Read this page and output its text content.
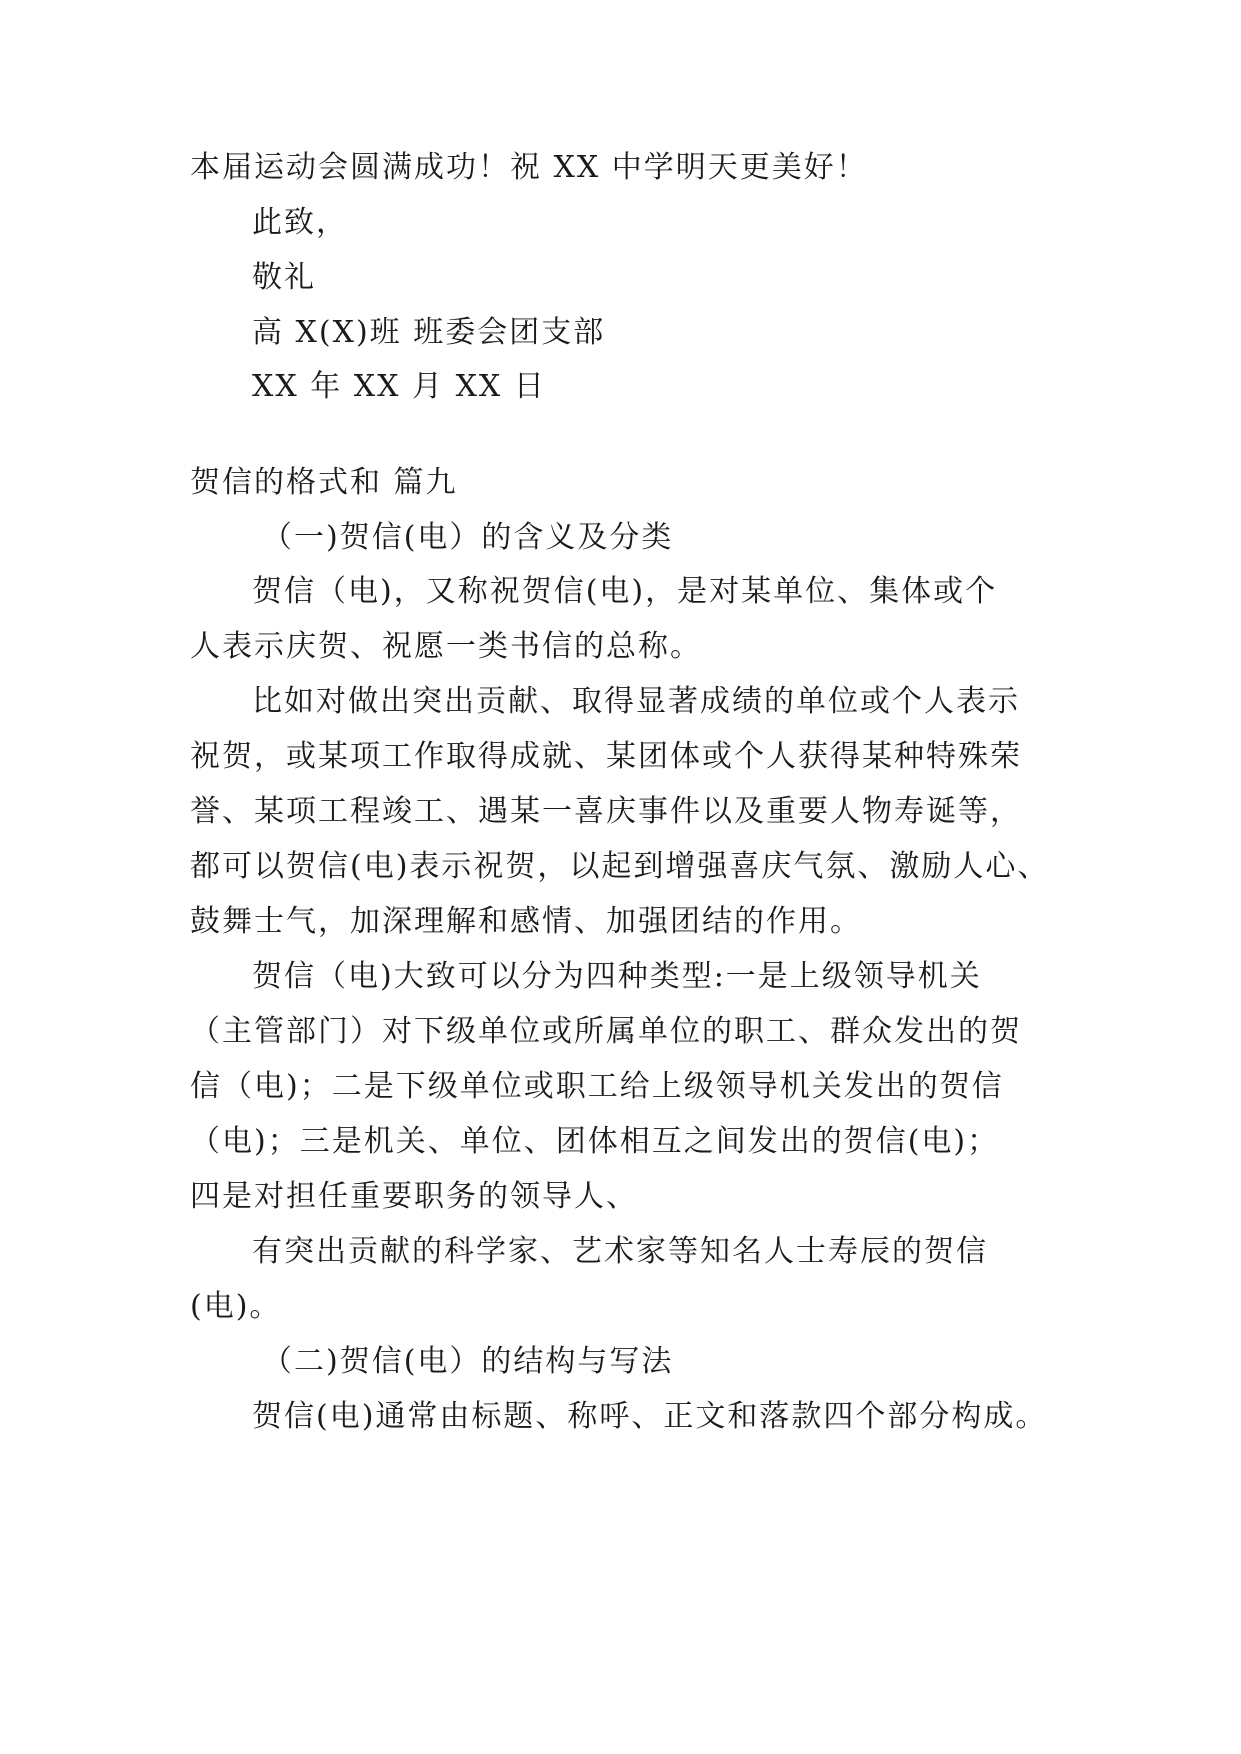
本届运动会圆满成功！祝 XX 中学明天更美好！
此致，
敬礼
高 X(X)班 班委会团支部
XX 年 XX 月 XX 日
贺信的格式和 篇九
（一)贺信(电）的含义及分类
贺信（电)，又称祝贺信(电)，是对某单位、集体或个
人表示庆贺、祝愿一类书信的总称。
比如对做出突出贡献、取得显著成绩的单位或个人表示
祝贺，或某项工作取得成就、某团体或个人获得某种特殊荣
誉、某项工程竣工、遇某一喜庆事件以及重要人物寿诞等，
都可以贺信(电)表示祝贺，以起到增强喜庆气氛、激励人心、
鼓舞士气，加深理解和感情、加强团结的作用。
贺信（电)大致可以分为四种类型:一是上级领导机关
（主管部门）对下级单位或所属单位的职工、群众发出的贺
信（电)；二是下级单位或职工给上级领导机关发出的贺信
（电)；三是机关、单位、团体相互之间发出的贺信(电)；
四是对担任重要职务的领导人、
有突出贡献的科学家、艺术家等知名人士寿辰的贺信
(电)。
（二)贺信(电）的结构与写法
贺信(电)通常由标题、称呼、正文和落款四个部分构成。
